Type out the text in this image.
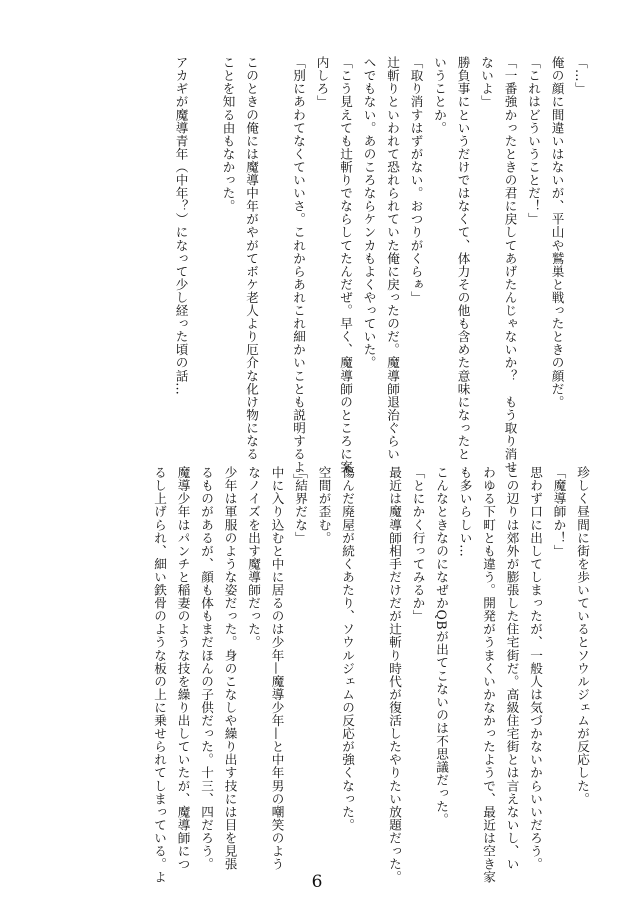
「…」
俺の顔に間違いはないが、平山や鷲巣と戦ったときの顔だ。
「これはどういうことだ！」
「一番強かったときの君に戻してあげたんじゃないか？　もう取り消せ
ないよ」
勝負事にというだけではなくて、体力その他も含めた意味になったと
いうことか。
「取り消すはずがない。おつりがくらぁ」
辻斬りといわれて恐れられていた俺に戻ったのだ。魔導師退治ぐらい
へでもない。あのころならケンカもよくやっていた。
「こう見えても辻斬りでならしてたんだぜ。早く、魔導師のところに案
内しろ」
「別にあわてなくていいさ。これからあれこれ細かいことも説明するよ」

このときの俺には魔導中年がやがてボケ老人より厄介な化け物になる
ことを知る由もなかった。

アカギが魔導青年（中年？）になって少し経った頃の話…
珍しく昼間に街を歩いているとソウルジェムが反応した。
「魔導師か！」
思わず口に出してしまったが、一般人は気づかないからいいだろう。
この辺りは郊外が膨張した住宅街だ。高級住宅街とは言えないし、い
わゆる下町とも違う。開発がうまくいかなかったようで、最近は空き家
も多いらしい…
こんなときなのになぜかQBが出てこないのは不思議だった。
「とにかく行ってみるか」
最近は魔導師相手だけだが辻斬り時代が復活したやりたい放題だった。

傷んだ廃屋が続くあたり、ソウルジェムの反応が強くなった。
空間が歪む。
「結界だな」
中に入り込むと中に居るのは少年—魔導少年—と中年男の嘲笑のよう
なノイズを出す魔導師だった。
少年は軍服のような姿だった。身のこなしや繰り出す技には目を見張
るものがあるが、顔も体もまだほんの子供だった。十三、四だろう。
魔導少年はパンチと稲妻のような技を繰り出していたが、魔導師につ
るし上げられ、細い鉄骨のような板の上に乗せられてしまっている。よ	6
